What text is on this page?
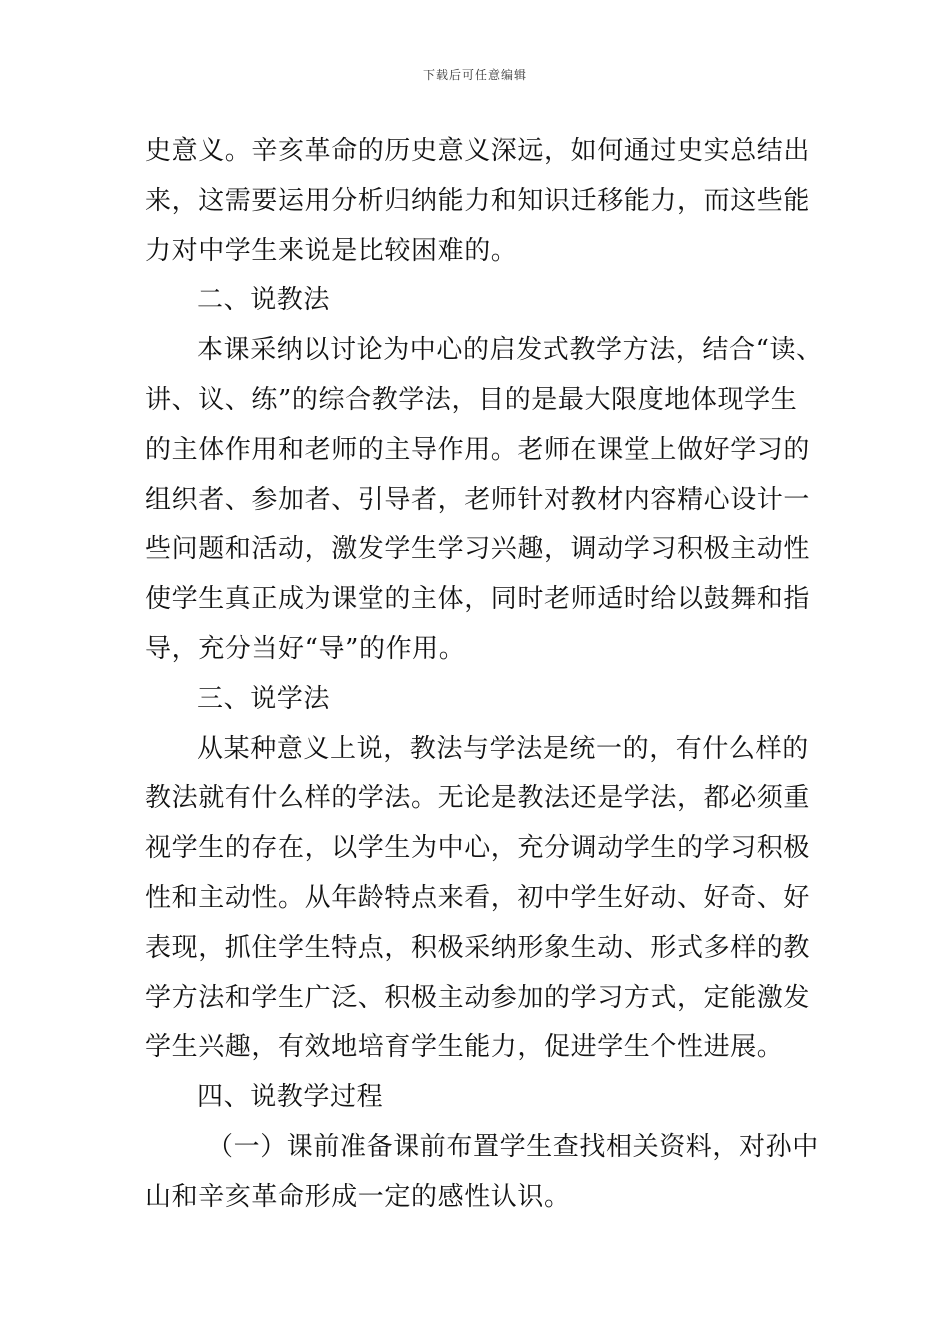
下载后可任意编辑
史意义。辛亥革命的历史意义深远，如何通过史实总结出
来，这需要运用分析归纳能力和知识迁移能力，而这些能
力对中学生来说是比较困难的。
二、说教法
本课采纳以讨论为中心的启发式教学方法，结合“读、
讲、议、练”的综合教学法，目的是最大限度地体现学生
的主体作用和老师的主导作用。老师在课堂上做好学习的
组织者、参加者、引导者，老师针对教材内容精心设计一
些问题和活动，激发学生学习兴趣，调动学习积极主动性
使学生真正成为课堂的主体，同时老师适时给以鼓舞和指
导，充分当好“导”的作用。
三、说学法
从某种意义上说，教法与学法是统一的，有什么样的
教法就有什么样的学法。无论是教法还是学法，都必须重
视学生的存在，以学生为中心，充分调动学生的学习积极
性和主动性。从年龄特点来看，初中学生好动、好奇、好
表现，抓住学生特点，积极采纳形象生动、形式多样的教
学方法和学生广泛、积极主动参加的学习方式，定能激发
学生兴趣，有效地培育学生能力，促进学生个性进展。
四、说教学过程
（一）课前准备课前布置学生查找相关资料，对孙中
山和辛亥革命形成一定的感性认识。
